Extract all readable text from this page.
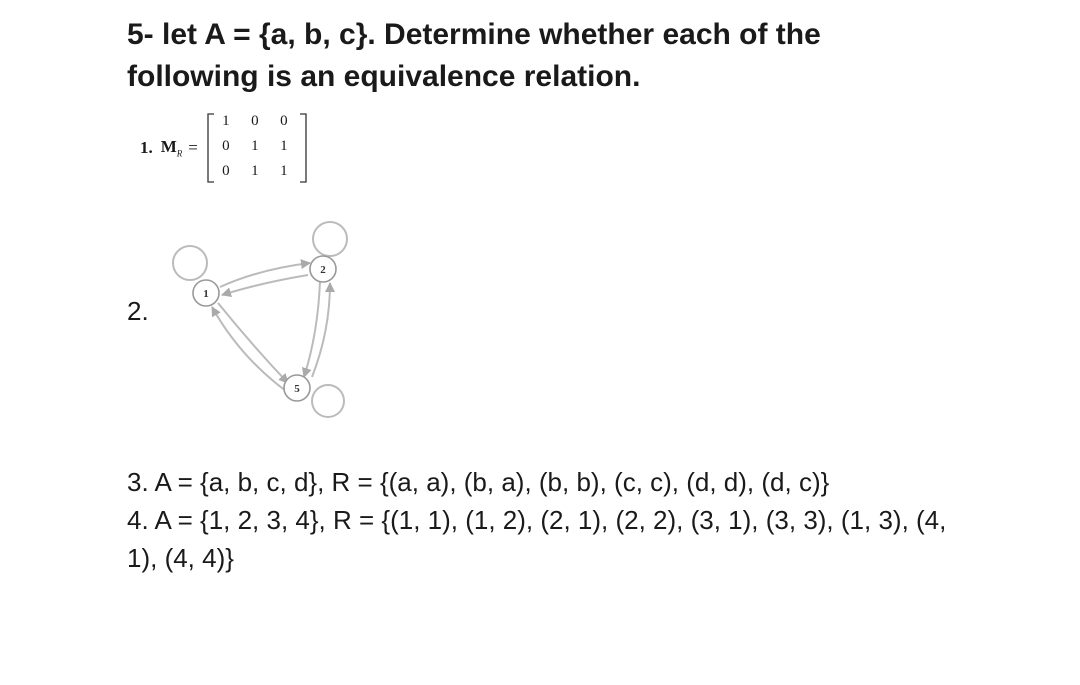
5- let A = {a, b, c}. Determine whether each of the following is an equivalence relation.

1. $M_R$ =
1	0	0
0	1	1
0	1	1
2.
1
2
5

3. A = {a, b, c, d}, R = {(a, a), (b, a), (b, b), (c, c), (d, d), (d, c)}

4. A = {1, 2, 3, 4}, R = {(1, 1), (1, 2), (2, 1), (2, 2), (3, 1), (3, 3), (1, 3), (4, 1), (4, 4)}
